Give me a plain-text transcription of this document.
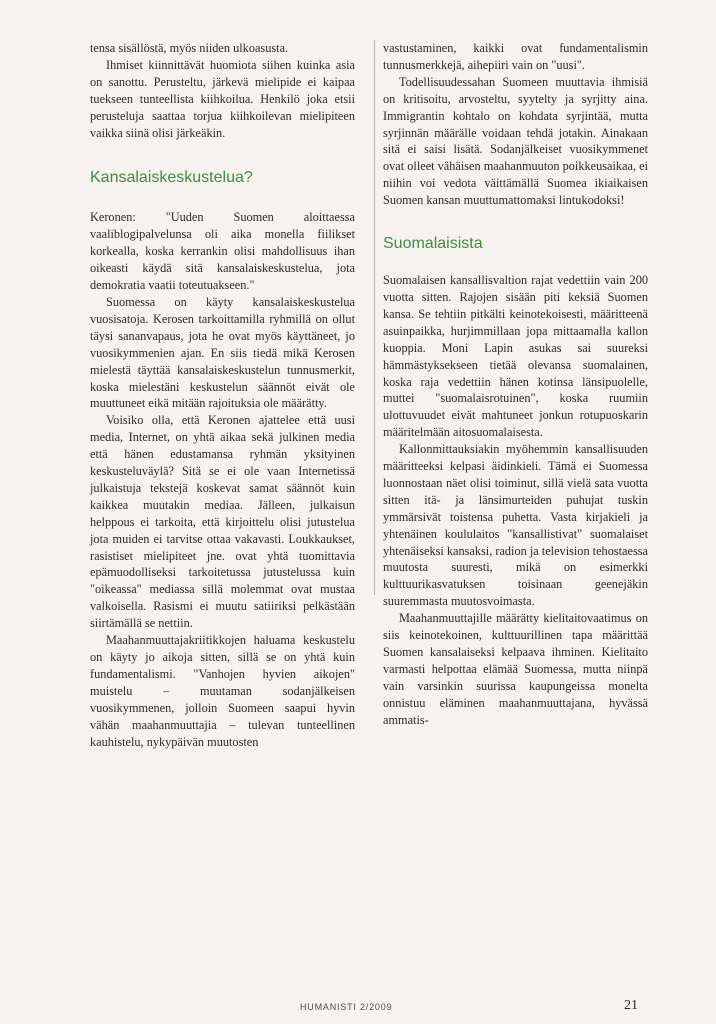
tensa sisällöstä, myös niiden ulkoasusta.

Ihmiset kiinnittävät huomiota siihen kuinka asia on sanottu. Perusteltu, järkevä mielipide ei kaipaa tuekseen tunteellista kiihkoilua. Henkilö joka etsii perusteluja saattaa torjua kiihkoilevan mielipiteen vaikka siinä olisi järkeäkin.

Kansalaiskeskustelua?

Keronen: "Uuden Suomen aloittaessa vaaliblogipalvelunsa oli aika monella fiilikset korkealla, koska kerrankin olisi mahdollisuus ihan oikeasti käydä sitä kansalaiskeskustelua, jota demokratia vaatii toteutuakseen."

Suomessa on käyty kansalaiskeskustelua vuosisatoja. Kerosen tarkoittamilla ryhmillä on ollut täysi sananvapaus, jota he ovat myös käyttäneet, jo vuosikymmenien ajan. En siis tiedä mikä Kerosen mielestä täyttää kansalaiskeskustelun tunnusmerkit, koska mielestäni keskustelun säännöt eivät ole muuttuneet eikä mitään rajoituksia ole määrätty.

Voisiko olla, että Keronen ajattelee että uusi media, Internet, on yhtä aikaa sekä julkinen media että hänen edustamansa ryhmän yksityinen keskusteluväylä? Sitä se ei ole vaan Internetissä julkaistuja tekstejä koskevat samat säännöt kuin kaikkea muutakin mediaa. Jälleen, julkaisun helppous ei tarkoita, että kirjoittelu olisi jutustelua jota muiden ei tarvitse ottaa vakavasti. Loukkaukset, rasistiset mielipiteet jne. ovat yhtä tuomittavia epämuodolliseksi tarkoitetussa jutustelussa kuin "oikeassa" mediassa sillä molemmat ovat mustaa valkoisella. Rasismi ei muutu satiiriksi pelkästään siirtämällä se nettiin.

Maahanmuuttajakriitikkojen haluama keskustelu on käyty jo aikoja sitten, sillä se on yhtä kuin fundamentalismi. "Vanhojen hyvien aikojen" muistelu – muutaman sodanjälkeisen vuosikymmenen, jolloin Suomeen saapui hyvin vähän maahanmuuttajia – tulevan tunteellinen kauhistelu, nykypäivän muutosten

vastustaminen, kaikki ovat fundamentalismin tunnusmerkkejä, aihepiiri vain on "uusi".

Todellisuudessahan Suomeen muuttavia ihmisiä on kritisoitu, arvosteltu, syytelty ja syrjitty aina. Immigrantin kohtalo on kohdata syrjintää, mutta syrjinnän määrälle voidaan tehdä jotakin. Ainakaan sitä ei saisi lisätä. Sodanjälkeiset vuosikymmenet ovat olleet vähäisen maahanmuuton poikkeusaikaa, ei niihin voi vedota väittämällä Suomea ikiaikaisen Suomen kansan muuttumattomaksi lintukodoksi!

Suomalaisista

Suomalaisen kansallisvaltion rajat vedettiin vain 200 vuotta sitten. Rajojen sisään piti keksiä Suomen kansa. Se tehtiin pitkälti keinotekoisesti, määritteenä asuinpaikka, hurjimmillaan jopa mittaamalla kallon kuoppia. Moni Lapin asukas sai suureksi hämmästyksekseen tietää olevansa suomalainen, koska raja vedettiin hänen kotinsa länsipuolelle, muttei "suomalaisrotuinen", koska ruumiin ulottuvuudet eivät mahtuneet jonkun rotupuoskarin määritelmään aitosuomalaisesta.

Kallonmittauksiakin myöhemmin kansallisuuden määritteeksi kelpasi äidinkieli. Tämä ei Suomessa luonnostaan näet olisi toiminut, sillä vielä sata vuotta sitten itä- ja länsimurteiden puhujat tuskin ymmärsivät toistensa puhetta. Vasta kirjakieli ja yhtenäinen koululaitos "kansallistivat" suomalaiset yhtenäiseksi kansaksi, radion ja television tehostaessa muutosta suuresti, mikä on esimerkki kulttuurikasvatuksen toisinaan geenejäkin suuremmasta muutosvoimasta.

Maahanmuuttajille määrätty kielitaitovaatimus on siis keinotekoinen, kulttuurillinen tapa määrittää Suomen kansalaiseksi kelpaava ihminen. Kielitaito varmasti helpottaa elämää Suomessa, mutta niinpä vain varsinkin suurissa kaupungeissa monelta onnistuu eläminen maahanmuuttajana, hyvässä ammatis-

HUMANISTI 2/2009	21
